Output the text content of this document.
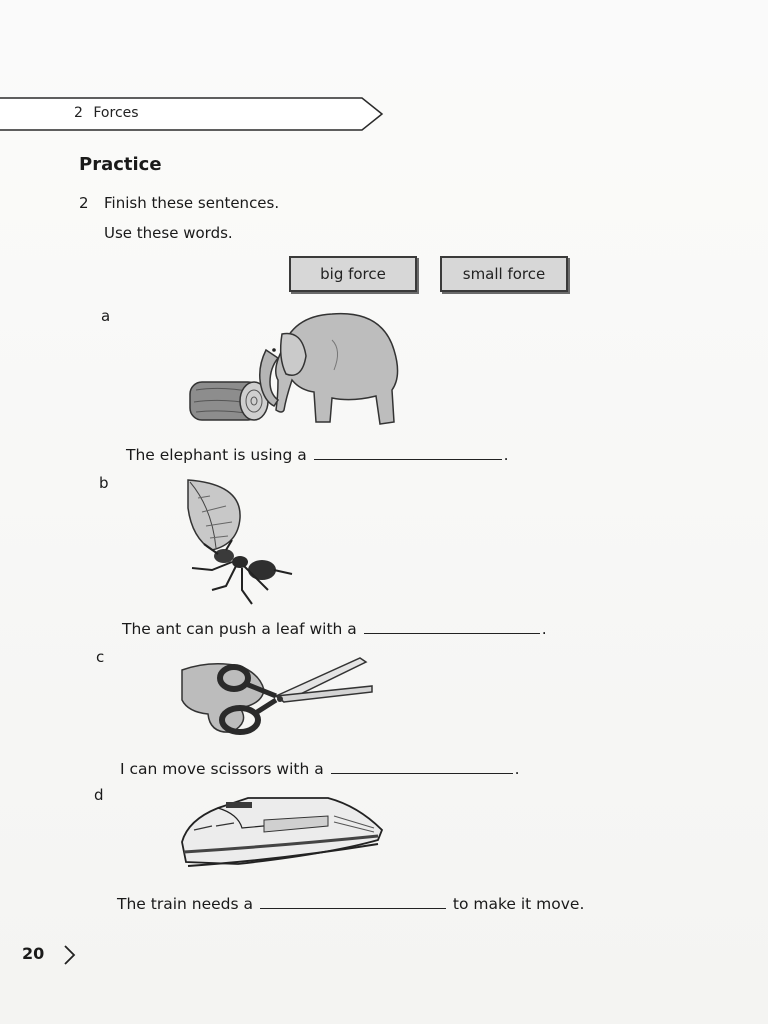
2 Forces
Practice
2 Finish these sentences.
Use these words.
big force	small force
a
The elephant is using a	.
b
The ant can push a leaf with a	.
c
I can move scissors with a	.
d
The train needs a	to make it move.
20
